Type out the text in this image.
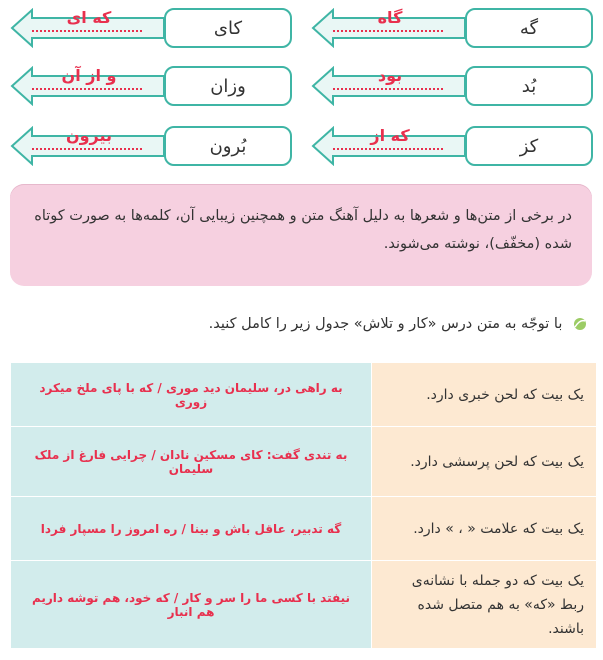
گه
گاه
کای
که ای
بُد
بود
وزان
و از آن
کز
که از
بُرون
بیرون
در برخی از متن‌ها و شعرها به دلیل آهنگ متن و همچنین زیبایی آن، کلمه‌ها به صورت کوتاه شده (مخفّف)، نوشته می‌شوند.
با توجّه به متن درس «کار و تلاش» جدول زیر را کامل کنید.
یک بیت که لحن خبری دارد.	به راهی در، سلیمان دید موری / که با پای ملخ میکرد زوری
یک بیت که لحن پرسشی دارد.	به تندی گفت: کای مسکین نادان / چرایی فارغ از ملک سلیمان
یک بیت که علامت « ، » دارد.	گه تدبیر، عاقل باش و بینا / ره امروز را مسپار فردا
یک بیت که دو جمله با نشانه‌ی ربط «که» به هم متصل شده باشند.	نیفتد با کسی ما را سر و کار / که خود، هم توشه داریم هم انبار
